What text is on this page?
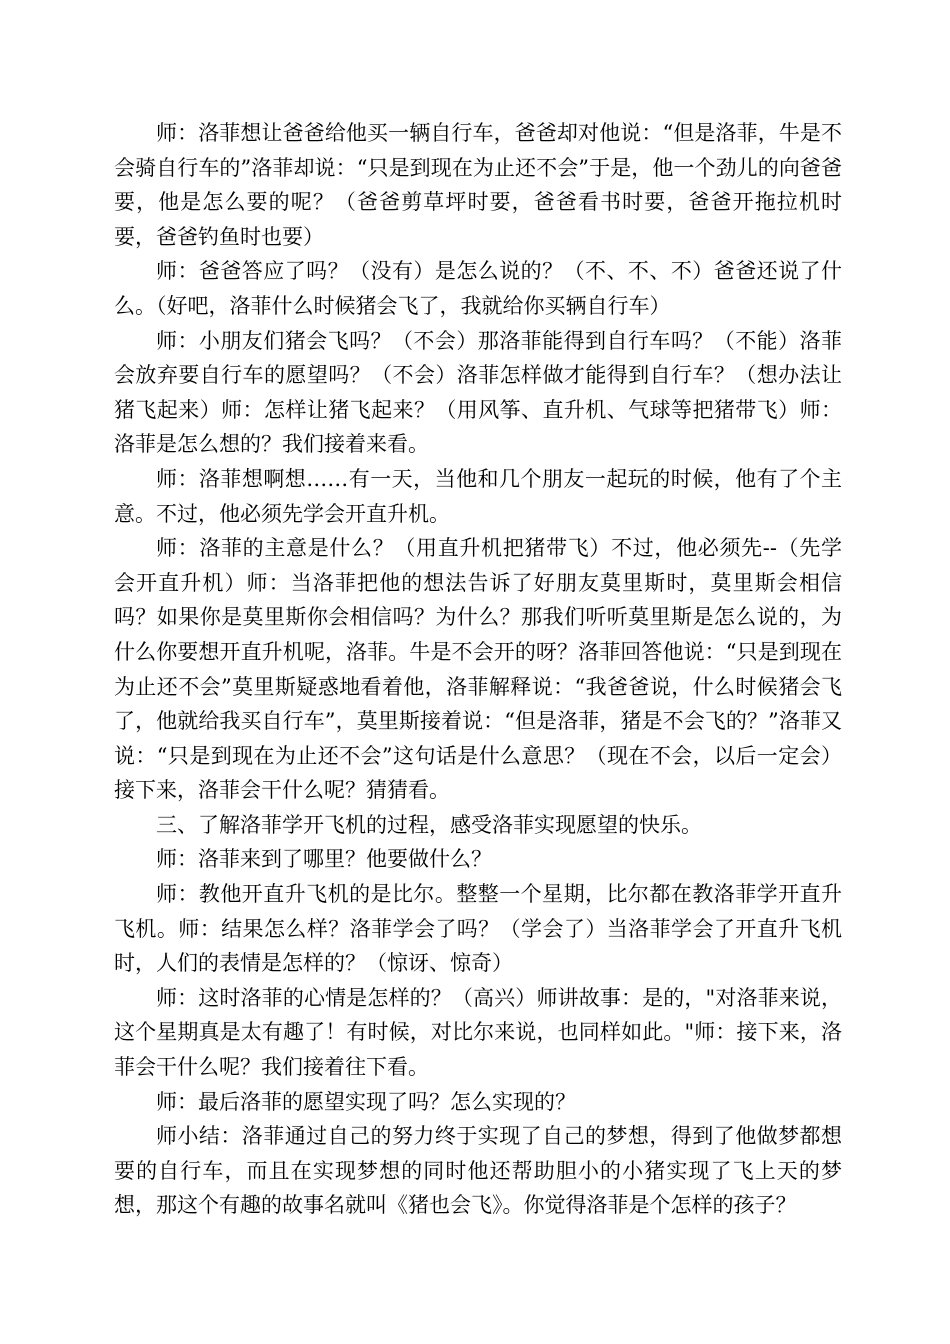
师：洛菲想让爸爸给他买一辆自行车，爸爸却对他说：“但是洛菲，牛是不会骑自行车的”洛菲却说：“只是到现在为止还不会”于是，他一个劲儿的向爸爸要，他是怎么要的呢？（爸爸剪草坪时要，爸爸看书时要，爸爸开拖拉机时要，爸爸钓鱼时也要）

师：爸爸答应了吗？（没有）是怎么说的？（不、不、不）爸爸还说了什么。（好吧，洛菲什么时候猪会飞了，我就给你买辆自行车）

师：小朋友们猪会飞吗？（不会）那洛菲能得到自行车吗？（不能）洛菲会放弃要自行车的愿望吗？（不会）洛菲怎样做才能得到自行车？（想办法让猪飞起来）师：怎样让猪飞起来？（用风筝、直升机、气球等把猪带飞）师：洛菲是怎么想的？我们接着来看。

师：洛菲想啊想……有一天，当他和几个朋友一起玩的时候，他有了个主意。不过，他必须先学会开直升机。

师：洛菲的主意是什么？（用直升机把猪带飞）不过，他必须先--（先学会开直升机）师：当洛菲把他的想法告诉了好朋友莫里斯时，莫里斯会相信吗？如果你是莫里斯你会相信吗？为什么？那我们听听莫里斯是怎么说的，为什么你要想开直升机呢，洛菲。牛是不会开的呀？洛菲回答他说：“只是到现在为止还不会”莫里斯疑惑地看着他，洛菲解释说：“我爸爸说，什么时候猪会飞了，他就给我买自行车”，莫里斯接着说：“但是洛菲，猪是不会飞的？”洛菲又说：“只是到现在为止还不会”这句话是什么意思？（现在不会，以后一定会）接下来，洛菲会干什么呢？猜猜看。

三、了解洛菲学开飞机的过程，感受洛菲实现愿望的快乐。

师：洛菲来到了哪里？他要做什么？

师：教他开直升飞机的是比尔。整整一个星期，比尔都在教洛菲学开直升飞机。师：结果怎么样？洛菲学会了吗？（学会了）当洛菲学会了开直升飞机时，人们的表情是怎样的？（惊讶、惊奇）

师：这时洛菲的心情是怎样的？（高兴）师讲故事：是的，"对洛菲来说，这个星期真是太有趣了！有时候，对比尔来说，也同样如此。"师：接下来，洛菲会干什么呢？我们接着往下看。

师：最后洛菲的愿望实现了吗？怎么实现的？

师小结：洛菲通过自己的努力终于实现了自己的梦想，得到了他做梦都想要的自行车，而且在实现梦想的同时他还帮助胆小的小猪实现了飞上天的梦想，那这个有趣的故事名就叫《猪也会飞》。你觉得洛菲是个怎样的孩子？
